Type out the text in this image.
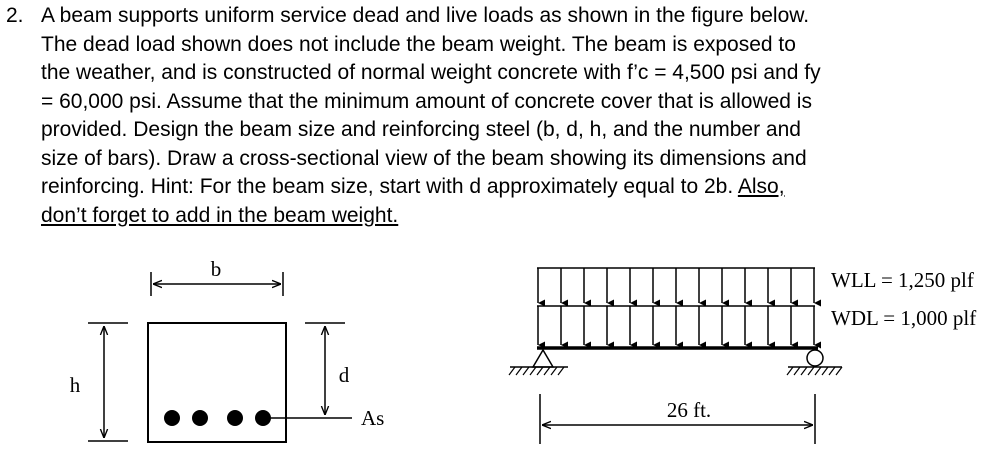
2. A beam supports uniform service dead and live loads as shown in the figure below.
The dead load shown does not include the beam weight. The beam is exposed to
the weather, and is constructed of normal weight concrete with f’c = 4,500 psi and fy
= 60,000 psi. Assume that the minimum amount of concrete cover that is allowed is
provided. Design the beam size and reinforcing steel (b, d, h, and the number and
size of bars). Draw a cross-sectional view of the beam showing its dimensions and
reinforcing. Hint: For the beam size, start with d approximately equal to 2b. Also,
don’t forget to add in the beam weight.
b
h	d
As	26 ft.
WLL = 1,250 plf
WDL = 1,000 plf
